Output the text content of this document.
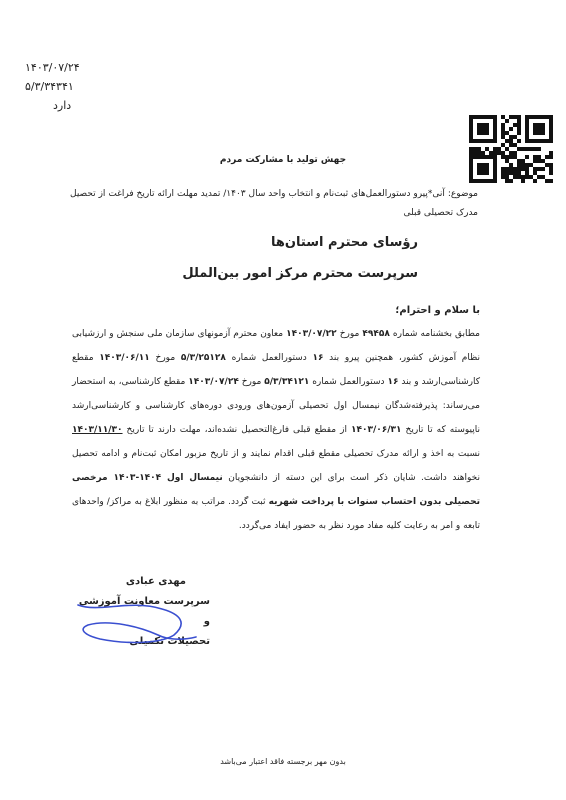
۱۴۰۳/۰۷/۲۴
۵/۳/۳۴۳۴۱
دارد
جهش تولید با مشارکت مردم
موضوع: آنی*پیرو دستورالعمل‌های ثبت‌نام و انتخاب واحد سال ۱۴۰۳/ تمدید مهلت ارائه تاریخ فراغت از تحصیل مدرک تحصیلی قبلی
رؤسای محترم استان‌ها
سرپرست محترم مرکز امور بین‌الملل
با سلام و احترام؛
مطابق بخشنامه شماره ۴۹۴۵۸ مورخ ۱۴۰۳/۰۷/۲۲ معاون محترم آزمونهای سازمان ملی سنجش و ارزشیابی نظام آموزش کشور، همچنین پیرو بند ۱۶ دستورالعمل شماره ۵/۳/۲۵۱۲۸ مورخ ۱۴۰۳/۰۶/۱۱ مقطع کارشناسی‌ارشد و بند ۱۶ دستورالعمل شماره ۵/۳/۳۴۱۲۱ مورخ ۱۴۰۳/۰۷/۲۴ مقطع کارشناسی، به استحضار می‌رساند: پذیرفته‌شدگان نیمسال اول تحصیلی آزمون‌های ورودی دوره‌های کارشناسی و کارشناسی‌ارشد ناپیوسته که تا تاریخ ۱۴۰۳/۰۶/۳۱ از مقطع قبلی فارغ‌التحصیل نشده‌اند، مهلت دارند تا تاریخ ۱۴۰۳/۱۱/۳۰ نسبت به اخذ و ارائه مدرک تحصیلی مقطع قبلی اقدام نمایند و از تاریخ مزبور امکان ثبت‌نام و ادامه تحصیل نخواهند داشت. شایان ذکر است برای این دسته از دانشجویان نیمسال اول ۱۴۰۴-۱۴۰۳ مرخصی تحصیلی بدون احتساب سنوات با پرداخت شهریه ثبت گردد. مراتب به منظور ابلاغ به مراکز/ واحدهای تابعه و امر به رعایت کلیه مفاد مورد نظر به حضور ایفاد می‌گردد.
مهدی عبادی
سرپرست معاونت آموزشی و
تحصیلات تکمیلی
بدون مهر برجسته فاقد اعتبار می‌باشد
